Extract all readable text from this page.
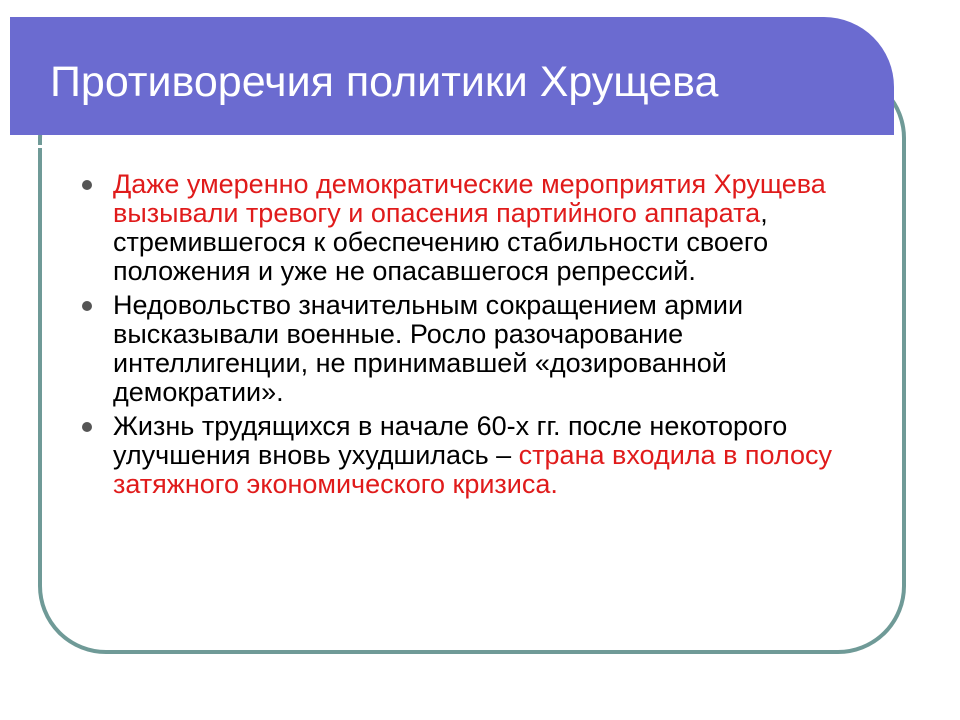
Противоречия политики Хрущева
Даже умеренно демократические мероприятия Хрущева вызывали тревогу и опасения партийного аппарата, стремившегося к обеспечению стабильности своего положения и уже не опасавшегося репрессий.
Недовольство значительным сокращением армии высказывали военные. Росло разочарование интеллигенции, не принимавшей «дозированной демократии».
Жизнь трудящихся в начале 60-х гг. после некоторого улучшения вновь ухудшилась – страна входила в полосу затяжного экономического кризиса.
